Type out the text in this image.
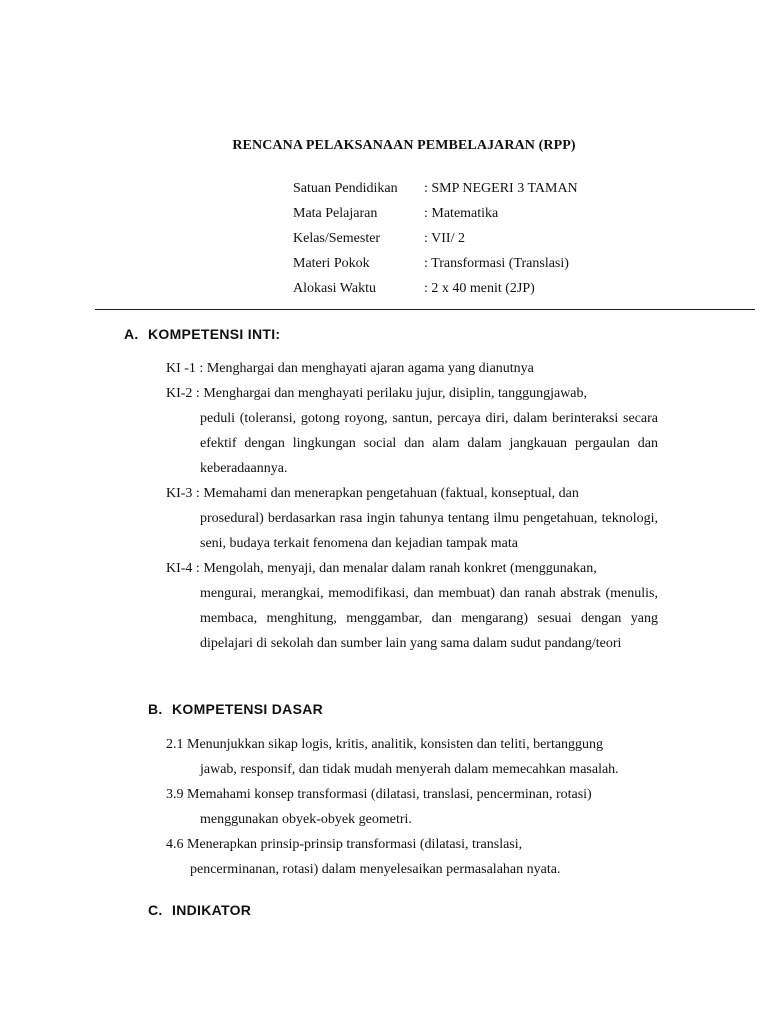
RENCANA PELAKSANAAN PEMBELAJARAN (RPP)
Satuan Pendidikan	: SMP NEGERI 3 TAMAN
Mata Pelajaran	: Matematika
Kelas/Semester	: VII/ 2
Materi Pokok	: Transformasi (Translasi)
Alokasi Waktu	: 2 x 40 menit (2JP)
A. KOMPETENSI INTI:
KI -1 : Menghargai dan menghayati ajaran agama yang dianutnya
KI-2 : Menghargai dan menghayati perilaku jujur, disiplin, tanggungjawab,
peduli (toleransi, gotong royong, santun, percaya diri, dalam berinteraksi secara efektif dengan lingkungan social dan alam dalam jangkauan pergaulan dan keberadaannya.
KI-3 : Memahami dan menerapkan pengetahuan (faktual, konseptual, dan
prosedural) berdasarkan rasa ingin tahunya tentang ilmu pengetahuan, teknologi, seni, budaya terkait fenomena dan kejadian tampak mata
KI-4 : Mengolah, menyaji, dan menalar dalam ranah konkret (menggunakan,
mengurai, merangkai, memodifikasi, dan membuat) dan ranah abstrak (menulis, membaca, menghitung, menggambar, dan mengarang) sesuai dengan yang dipelajari di sekolah dan sumber lain yang sama dalam sudut pandang/teori
B. KOMPETENSI DASAR
2.1 Menunjukkan sikap logis, kritis, analitik, konsisten dan teliti, bertanggung
jawab, responsif, dan tidak mudah menyerah dalam memecahkan masalah.
3.9 Memahami konsep transformasi (dilatasi, translasi, pencerminan, rotasi)
menggunakan obyek-obyek geometri.
4.6 Menerapkan prinsip-prinsip transformasi (dilatasi, translasi,
pencerminanan, rotasi) dalam menyelesaikan permasalahan nyata.
C. INDIKATOR
